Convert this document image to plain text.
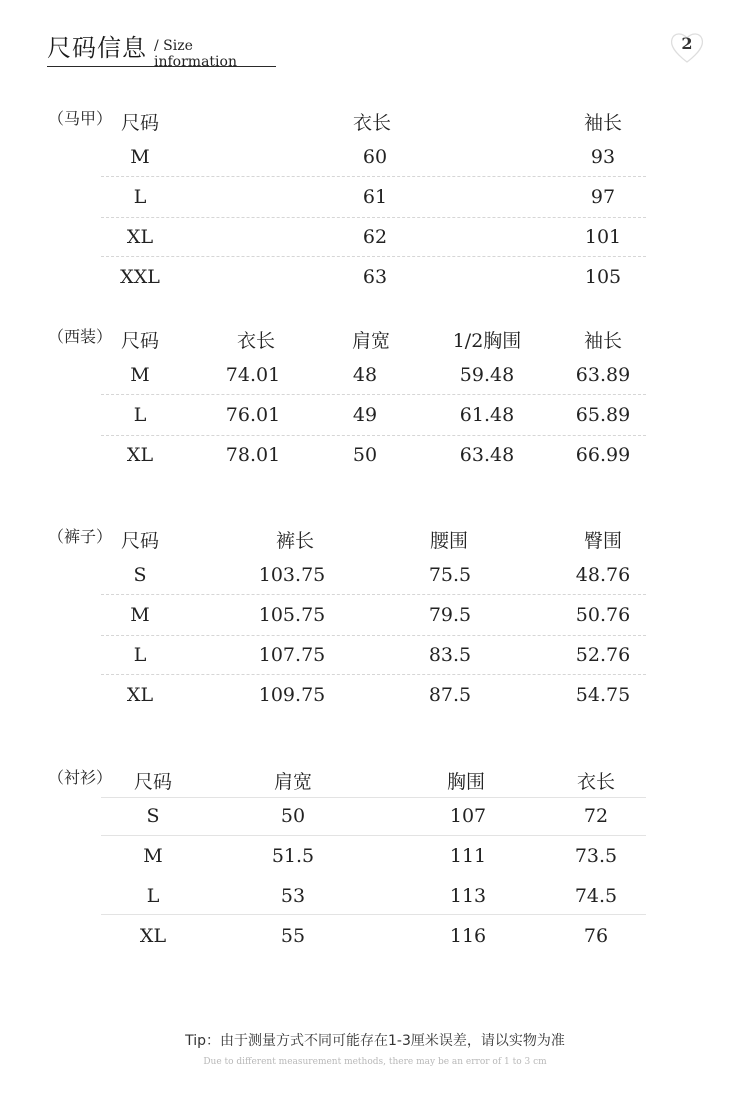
尺码信息 / Size information
2
（马甲） 尺码	衣长	袖长
M	60	93
L	61	97
XL	62	101
XXL	63	105
（西装） 尺码	衣长	肩宽	1/2胸围	袖长
M	74.01	48	59.48	63.89
L	76.01	49	61.48	65.89
XL	78.01	50	63.48	66.99
（裤子） 尺码	裤长	腰围	臀围
S	103.75	75.5	48.76
M	105.75	79.5	50.76
L	107.75	83.5	52.76
XL	109.75	87.5	54.75
（衬衫） 尺码	肩宽	胸围	衣长
S	50	107	72
M	51.5	111	73.5
L	53	113	74.5
XL	55	116	76
Tip：由于测量方式不同可能存在1-3厘米误差，请以实物为准
Due to different measurement methods, there may be an error of 1 to 3 cm
